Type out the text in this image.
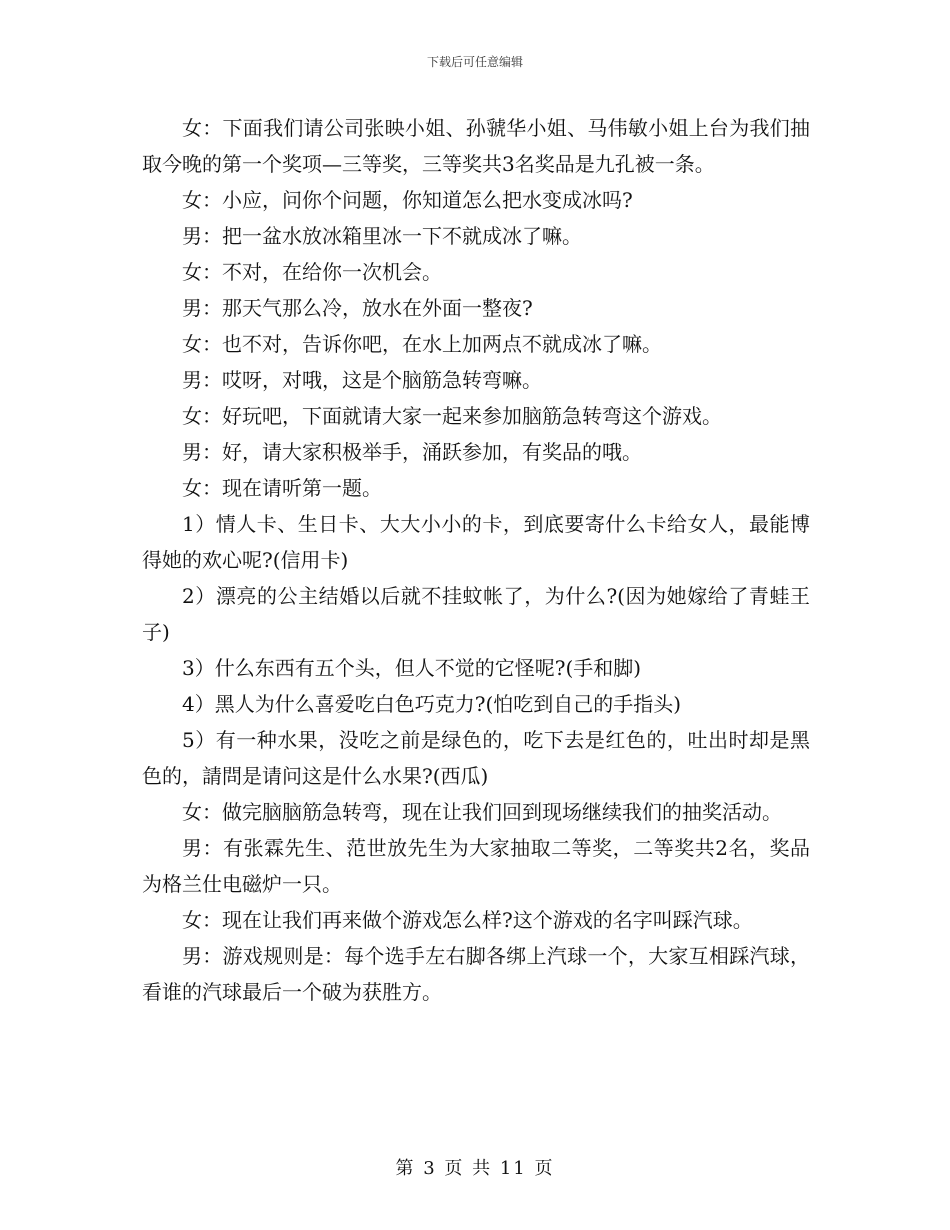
下载后可任意编辑

女：下面我们请公司张映小姐、孙虢华小姐、马伟敏小姐上台为我们抽取今晚的第一个奖项—三等奖，三等奖共3名奖品是九孔被一条。

女：小应，问你个问题，你知道怎么把水变成冰吗?

男：把一盆水放冰箱里冰一下不就成冰了嘛。

女：不对，在给你一次机会。

男：那天气那么冷，放水在外面一整夜?

女：也不对，告诉你吧，在水上加两点不就成冰了嘛。

男：哎呀，对哦，这是个脑筋急转弯嘛。

女：好玩吧，下面就请大家一起来参加脑筋急转弯这个游戏。

男：好，请大家积极举手，涌跃参加，有奖品的哦。

女：现在请听第一题。

1）情人卡、生日卡、大大小小的卡，到底要寄什么卡给女人，最能博得她的欢心呢?(信用卡)

2）漂亮的公主结婚以后就不挂蚊帐了，为什么?(因为她嫁给了青蛙王子)

3）什么东西有五个头，但人不觉的它怪呢?(手和脚)

4）黑人为什么喜爱吃白色巧克力?(怕吃到自己的手指头)

5）有一种水果，没吃之前是绿色的，吃下去是红色的，吐出时却是黑色的，請問是请问这是什么水果?(西瓜)

女：做完脑脑筋急转弯，现在让我们回到现场继续我们的抽奖活动。

男：有张霖先生、范世放先生为大家抽取二等奖，二等奖共2名，奖品为格兰仕电磁炉一只。

女：现在让我们再来做个游戏怎么样?这个游戏的名字叫踩汽球。

男：游戏规则是：每个选手左右脚各绑上汽球一个，大家互相踩汽球，看谁的汽球最后一个破为获胜方。

第 3 页 共 11 页
